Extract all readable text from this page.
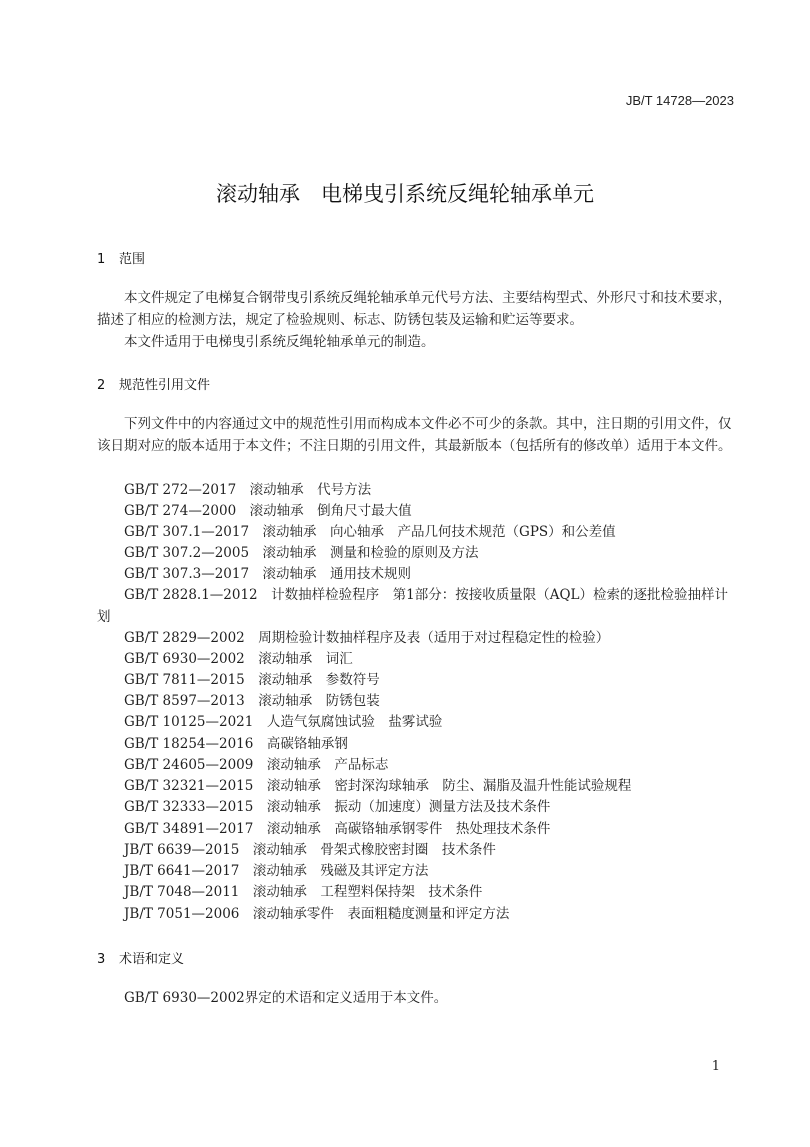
JB/T 14728—2023
滚动轴承　电梯曳引系统反绳轮轴承单元
1 范围

本文件规定了电梯复合钢带曳引系统反绳轮轴承单元代号方法、主要结构型式、外形尺寸和技术要求，描述了相应的检测方法，规定了检验规则、标志、防锈包装及运输和贮运等要求。

本文件适用于电梯曳引系统反绳轮轴承单元的制造。

2 规范性引用文件

下列文件中的内容通过文中的规范性引用而构成本文件必不可少的条款。其中，注日期的引用文件，仅该日期对应的版本适用于本文件；不注日期的引用文件，其最新版本（包括所有的修改单）适用于本文件。

GB/T 272—2017　滚动轴承　代号方法
GB/T 274—2000　滚动轴承　倒角尺寸最大值
GB/T 307.1—2017　滚动轴承　向心轴承　产品几何技术规范（GPS）和公差值
GB/T 307.2—2005　滚动轴承　测量和检验的原则及方法
GB/T 307.3—2017　滚动轴承　通用技术规则
GB/T 2828.1—2012　计数抽样检验程序　第1部分：按接收质量限（AQL）检索的逐批检验抽样计划
GB/T 2829—2002　周期检验计数抽样程序及表（适用于对过程稳定性的检验）
GB/T 6930—2002　滚动轴承　词汇
GB/T 7811—2015　滚动轴承　参数符号
GB/T 8597—2013　滚动轴承　防锈包装
GB/T 10125—2021　人造气氛腐蚀试验　盐雾试验
GB/T 18254—2016　高碳铬轴承钢
GB/T 24605—2009　滚动轴承　产品标志
GB/T 32321—2015　滚动轴承　密封深沟球轴承　防尘、漏脂及温升性能试验规程
GB/T 32333—2015　滚动轴承　振动（加速度）测量方法及技术条件
GB/T 34891—2017　滚动轴承　高碳铬轴承钢零件　热处理技术条件
JB/T 6639—2015　滚动轴承　骨架式橡胶密封圈　技术条件
JB/T 6641—2017　滚动轴承　残磁及其评定方法
JB/T 7048—2011　滚动轴承　工程塑料保持架　技术条件
JB/T 7051—2006　滚动轴承零件　表面粗糙度测量和评定方法
3 术语和定义

GB/T 6930—2002界定的术语和定义适用于本文件。

1
